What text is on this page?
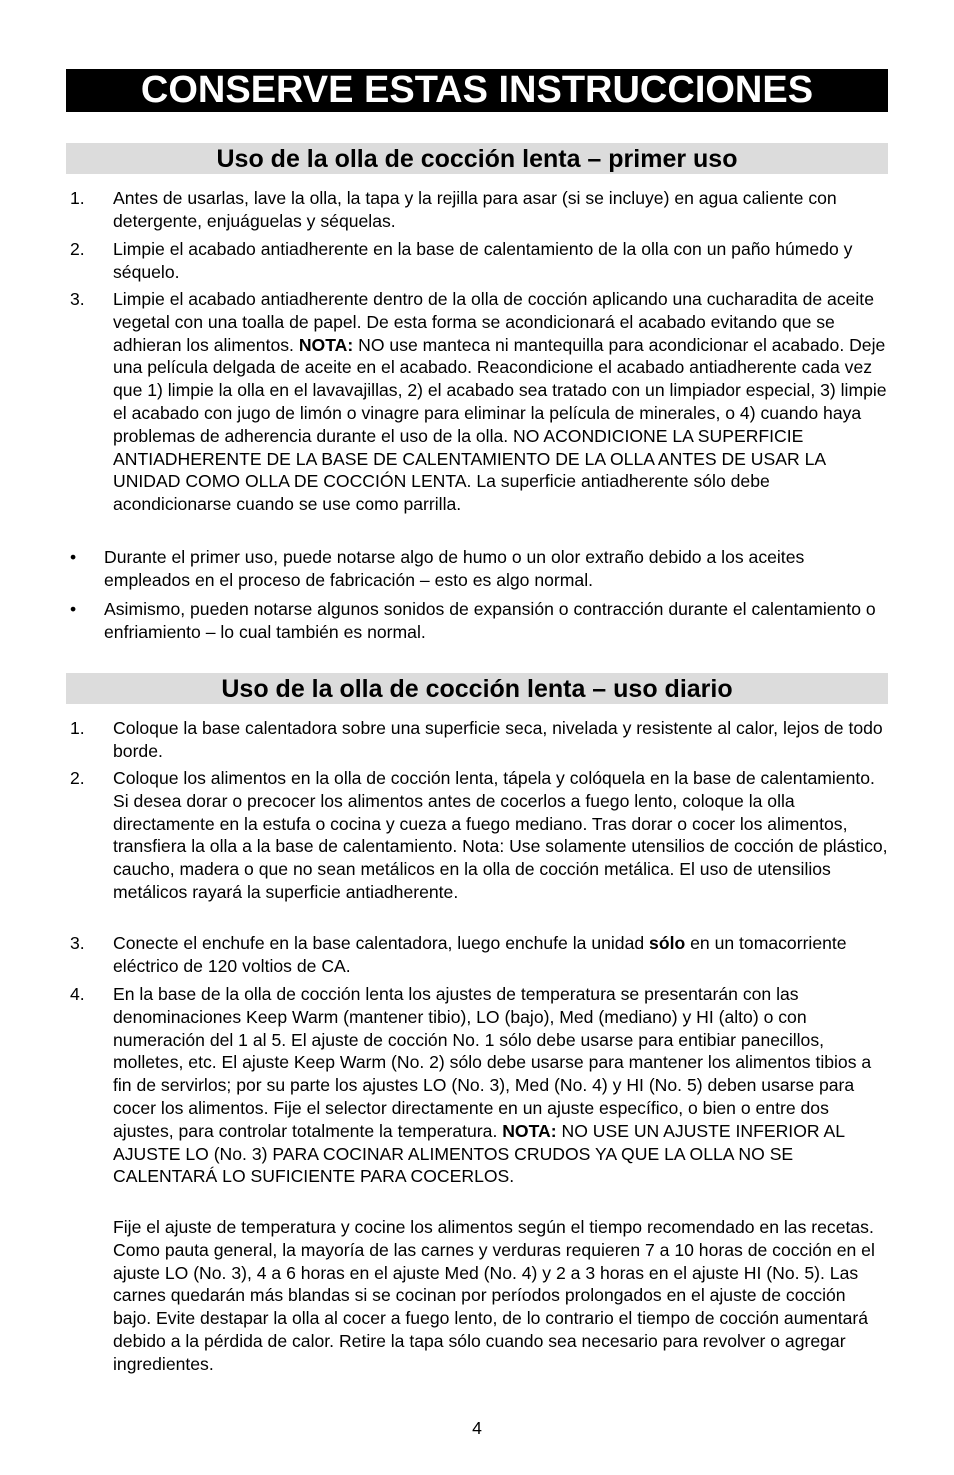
CONSERVE ESTAS INSTRUCCIONES
Uso de la olla de cocción lenta – primer uso
1. Antes de usarlas, lave la olla, la tapa y la rejilla para asar (si se incluye) en agua caliente con detergente, enjuáguelas y séquelas.
2. Limpie el acabado antiadherente en la base de calentamiento de la olla con un paño húmedo y séquelo.
3. Limpie el acabado antiadherente dentro de la olla de cocción aplicando una cucharadita de aceite vegetal con una toalla de papel. De esta forma se acondicionará el acabado evitando que se adhieran los alimentos. NOTA: NO use manteca ni mantequilla para acondicionar el acabado. Deje una película delgada de aceite en el acabado. Reacondicione el acabado antiadherente cada vez que 1) limpie la olla en el lavavajillas, 2) el acabado sea tratado con un limpiador especial, 3) limpie el acabado con jugo de limón o vinagre para eliminar la película de minerales, o 4) cuando haya problemas de adherencia durante el uso de la olla. NO ACONDICIONE LA SUPERFICIE ANTIADHERENTE DE LA BASE DE CALENTAMIENTO DE LA OLLA ANTES DE USAR LA UNIDAD COMO OLLA DE COCCIÓN LENTA. La superficie antiadherente sólo debe acondicionarse cuando se use como parrilla.
• Durante el primer uso, puede notarse algo de humo o un olor extraño debido a los aceites empleados en el proceso de fabricación – esto es algo normal.
• Asimismo, pueden notarse algunos sonidos de expansión o contracción durante el calentamiento o enfriamiento – lo cual también es normal.
Uso de la olla de cocción lenta – uso diario
1. Coloque la base calentadora sobre una superficie seca, nivelada y resistente al calor, lejos de todo borde.
2. Coloque los alimentos en la olla de cocción lenta, tápela y colóquela en la base de calentamiento. Si desea dorar o precocer los alimentos antes de cocerlos a fuego lento, coloque la olla directamente en la estufa o cocina y cueza a fuego mediano. Tras dorar o cocer los alimentos, transfiera la olla a la base de calentamiento. Nota: Use solamente utensilios de cocción de plástico, caucho, madera o que no sean metálicos en la olla de cocción metálica. El uso de utensilios metálicos rayará la superficie antiadherente.
3. Conecte el enchufe en la base calentadora, luego enchufe la unidad sólo en un tomacorriente eléctrico de 120 voltios de CA.
4. En la base de la olla de cocción lenta los ajustes de temperatura se presentarán con las denominaciones Keep Warm (mantener tibio), LO (bajo), Med (mediano) y HI (alto) o con numeración del 1 al 5. El ajuste de cocción No. 1 sólo debe usarse para entibiar panecillos, molletes, etc. El ajuste Keep Warm (No. 2) sólo debe usarse para mantener los alimentos tibios a fin de servirlos; por su parte los ajustes LO (No. 3), Med (No. 4) y HI (No. 5) deben usarse para cocer los alimentos. Fije el selector directamente en un ajuste específico, o bien o entre dos ajustes, para controlar totalmente la temperatura. NOTA: NO USE UN AJUSTE INFERIOR AL AJUSTE LO (No. 3) PARA COCINAR ALIMENTOS CRUDOS YA QUE LA OLLA NO SE CALENTARÁ LO SUFICIENTE PARA COCERLOS.
Fije el ajuste de temperatura y cocine los alimentos según el tiempo recomendado en las recetas. Como pauta general, la mayoría de las carnes y verduras requieren 7 a 10 horas de cocción en el ajuste LO (No. 3), 4 a 6 horas en el ajuste Med (No. 4) y 2 a 3 horas en el ajuste HI (No. 5). Las carnes quedarán más blandas si se cocinan por períodos prolongados en el ajuste de cocción bajo. Evite destapar la olla al cocer a fuego lento, de lo contrario el tiempo de cocción aumentará debido a la pérdida de calor. Retire la tapa sólo cuando sea necesario para revolver o agregar ingredientes.
4
